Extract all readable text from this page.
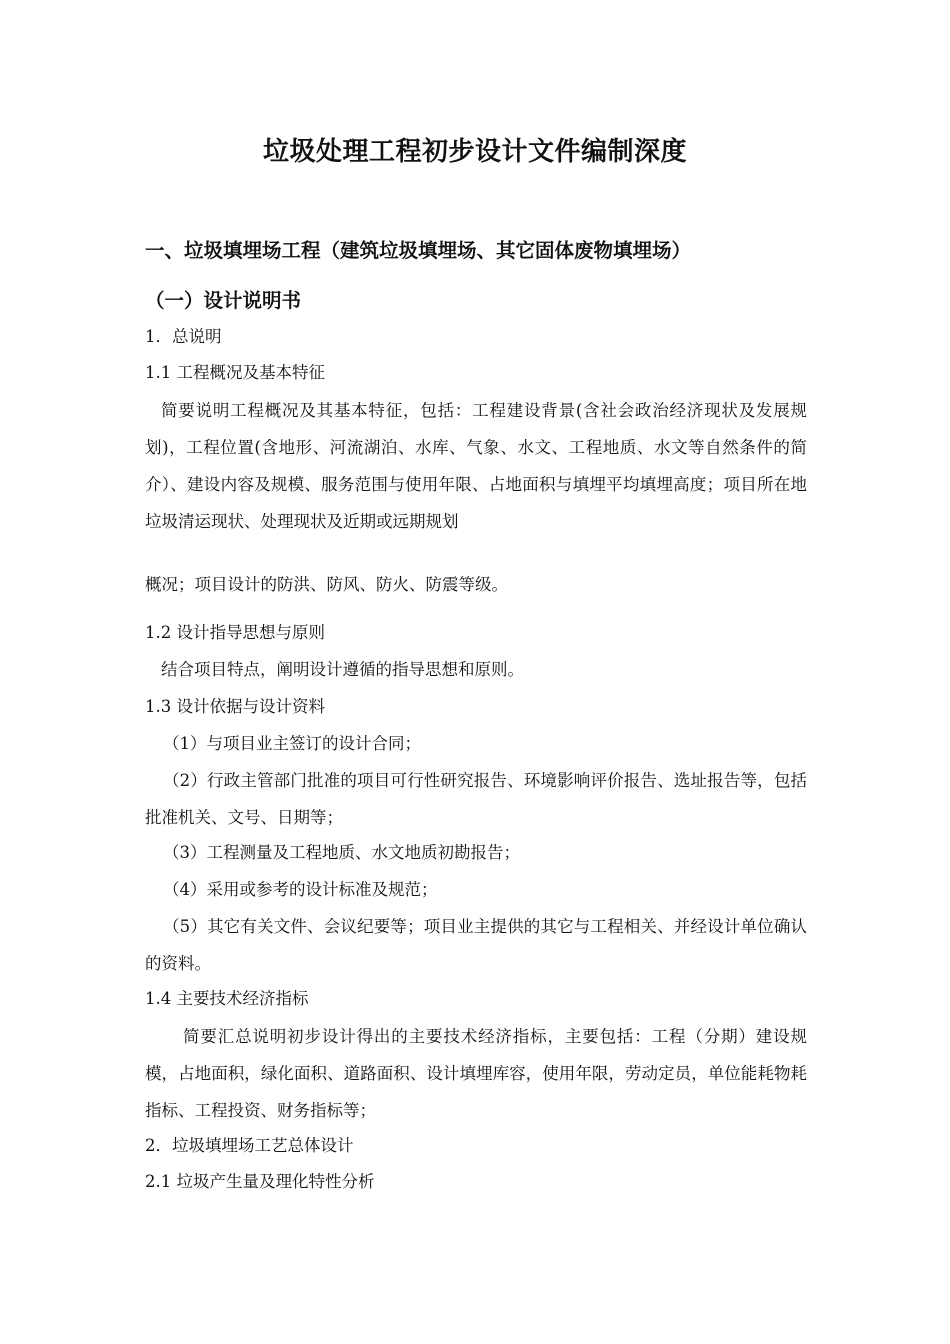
垃圾处理工程初步设计文件编制深度
一、垃圾填埋场工程（建筑垃圾填埋场、其它固体废物填埋场）
（一）设计说明书
1．总说明
1.1 工程概况及基本特征
简要说明工程概况及其基本特征，包括：工程建设背景(含社会政治经济现状及发展规划)，工程位置(含地形、河流湖泊、水库、气象、水文、工程地质、水文等自然条件的简介）、建设内容及规模、服务范围与使用年限、占地面积与填埋平均填埋高度；项目所在地垃圾清运现状、处理现状及近期或远期规划
概况；项目设计的防洪、防风、防火、防震等级。
1.2 设计指导思想与原则
结合项目特点，阐明设计遵循的指导思想和原则。
1.3 设计依据与设计资料
（1）与项目业主签订的设计合同；
（2）行政主管部门批准的项目可行性研究报告、环境影响评价报告、选址报告等，包括批准机关、文号、日期等；
（3）工程测量及工程地质、水文地质初勘报告；
（4）采用或参考的设计标准及规范；
（5）其它有关文件、会议纪要等；项目业主提供的其它与工程相关、并经设计单位确认的资料。
1.4 主要技术经济指标
简要汇总说明初步设计得出的主要技术经济指标，主要包括：工程（分期）建设规模，占地面积，绿化面积、道路面积、设计填埋库容，使用年限，劳动定员，单位能耗物耗指标、工程投资、财务指标等；
2．垃圾填埋场工艺总体设计
2.1 垃圾产生量及理化特性分析
